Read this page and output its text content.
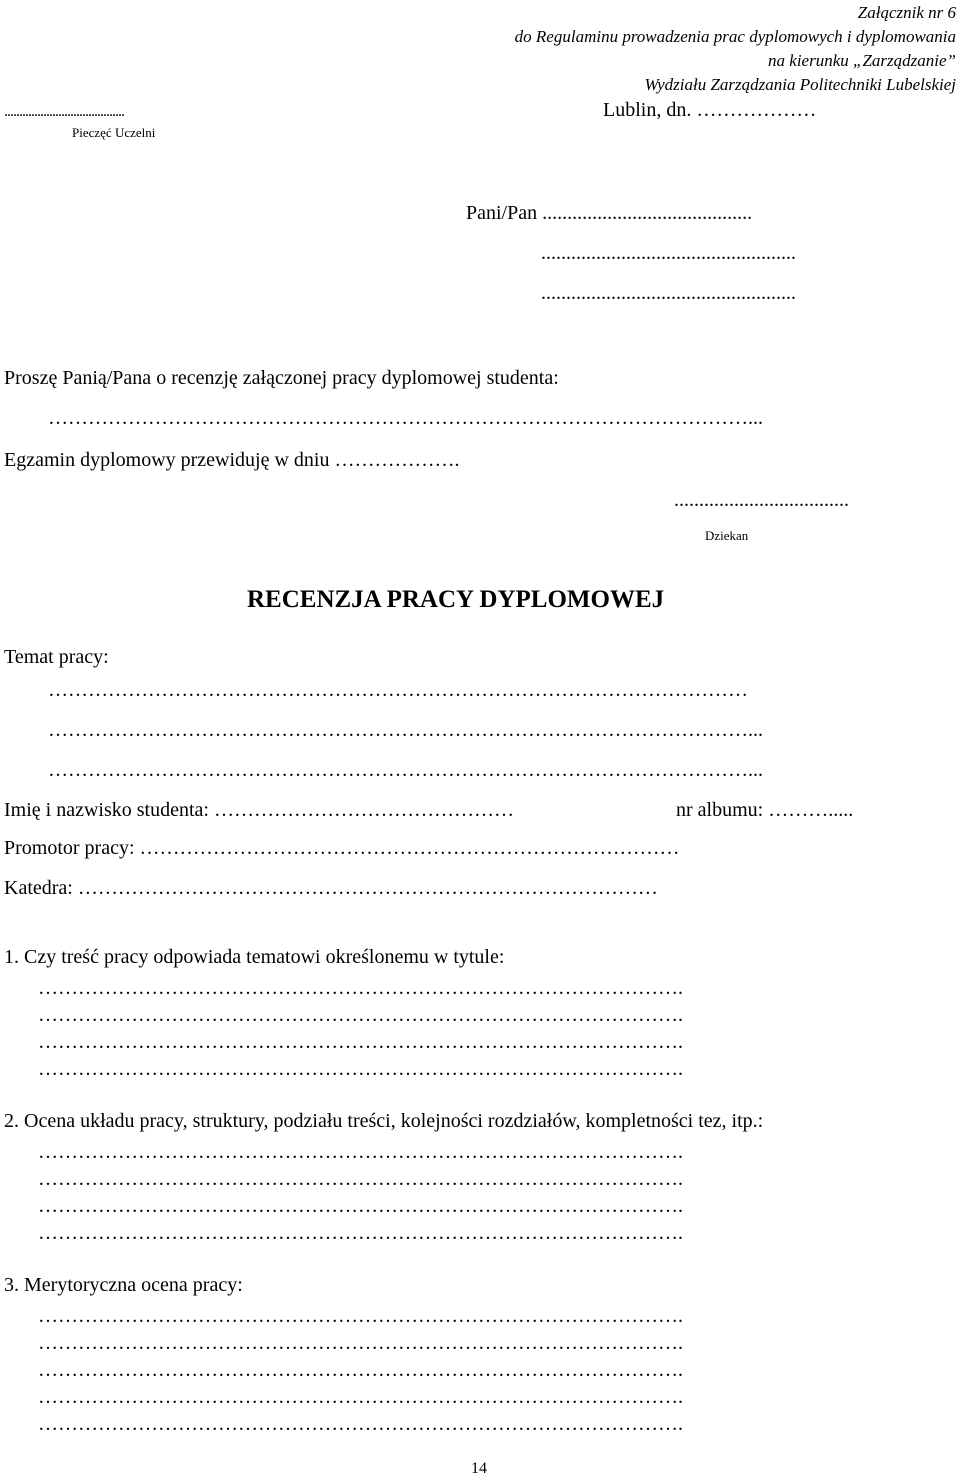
Załącznik nr 6
do Regulaminu prowadzenia prac dyplomowych i dyplomowania
na kierunku „Zarządzanie”
Wydziału Zarządzania Politechniki Lubelskiej
........................................
Pieczęć Uczelni
Lublin, dn. ………………
Pani/Pan ..........................................
...................................................
...................................................
Proszę Panią/Pana o recenzję załączonej pracy dyplomowej studenta:
……………………………………………………………………………………………...
Egzamin dyplomowy przewiduję w dniu ……………….
...................................
Dziekan
RECENZJA PRACY DYPLOMOWEJ
Temat pracy:
……………………………………………………………………………………………
……………………………………………………………………………………………...
……………………………………………………………………………………………...
Imię i nazwisko studenta: ………………………………………	nr albumu: ……….....
Promotor pracy: ………………………………………………………………………
Katedra: ……………………………………………………………………………
1. Czy treść pracy odpowiada tematowi określonemu w tytule:
…………………………………………………………………………………….
…………………………………………………………………………………….
…………………………………………………………………………………….
…………………………………………………………………………………….
2. Ocena układu pracy, struktury, podziału treści, kolejności rozdziałów, kompletności tez, itp.:
…………………………………………………………………………………….
…………………………………………………………………………………….
…………………………………………………………………………………….
…………………………………………………………………………………….
3. Merytoryczna ocena pracy:
…………………………………………………………………………………….
…………………………………………………………………………………….
…………………………………………………………………………………….
…………………………………………………………………………………….
…………………………………………………………………………………….
14
